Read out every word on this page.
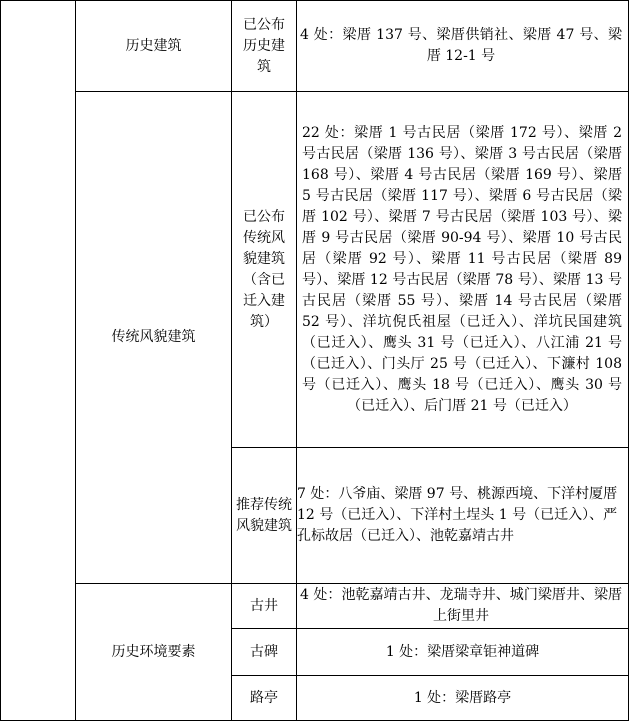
历史建筑
已公布历史建筑
4 处：梁厝 137 号、梁厝供销社、梁厝 47 号、梁厝 12-1 号
传统风貌建筑
已公布传统风貌建筑（含已迁入建筑）
22 处：梁厝 1 号古民居（梁厝 172 号）、梁厝 2 号古民居（梁厝 136 号）、梁厝 3 号古民居（梁厝 168 号）、梁厝 4 号古民居（梁厝 169 号）、梁厝 5 号古民居（梁厝 117 号）、梁厝 6 号古民居（梁厝 102 号）、梁厝 7 号古民居（梁厝 103 号）、梁厝 9 号古民居（梁厝 90-94 号）、梁厝 10 号古民居（梁厝 92 号）、梁厝 11 号古民居（梁厝 89 号）、梁厝 12 号古民居（梁厝 78 号）、梁厝 13 号古民居（梁厝 55 号）、梁厝 14 号古民居（梁厝 52 号）、洋坑倪氏祖屋（已迁入）、洋坑民国建筑（已迁入）、鹰头 31 号（已迁入）、八江浦 21 号（已迁入）、门头厅 25 号（已迁入）、下濂村 108 号（已迁入）、鹰头 18 号（已迁入）、鹰头 30 号（已迁入）、后门厝 21 号（已迁入）
推荐传统风貌建筑
7 处：八爷庙、梁厝 97 号、桃源西境、下洋村厦厝 12 号（已迁入）、下洋村土埕头 1 号（已迁入）、严孔标故居（已迁入）、池乾嘉靖古井
历史环境要素
古井
4 处：池乾嘉靖古井、龙瑞寺井、城门梁厝井、梁厝上街里井
古碑	1 处：梁厝梁章钜神道碑
路亭	1 处：梁厝路亭
